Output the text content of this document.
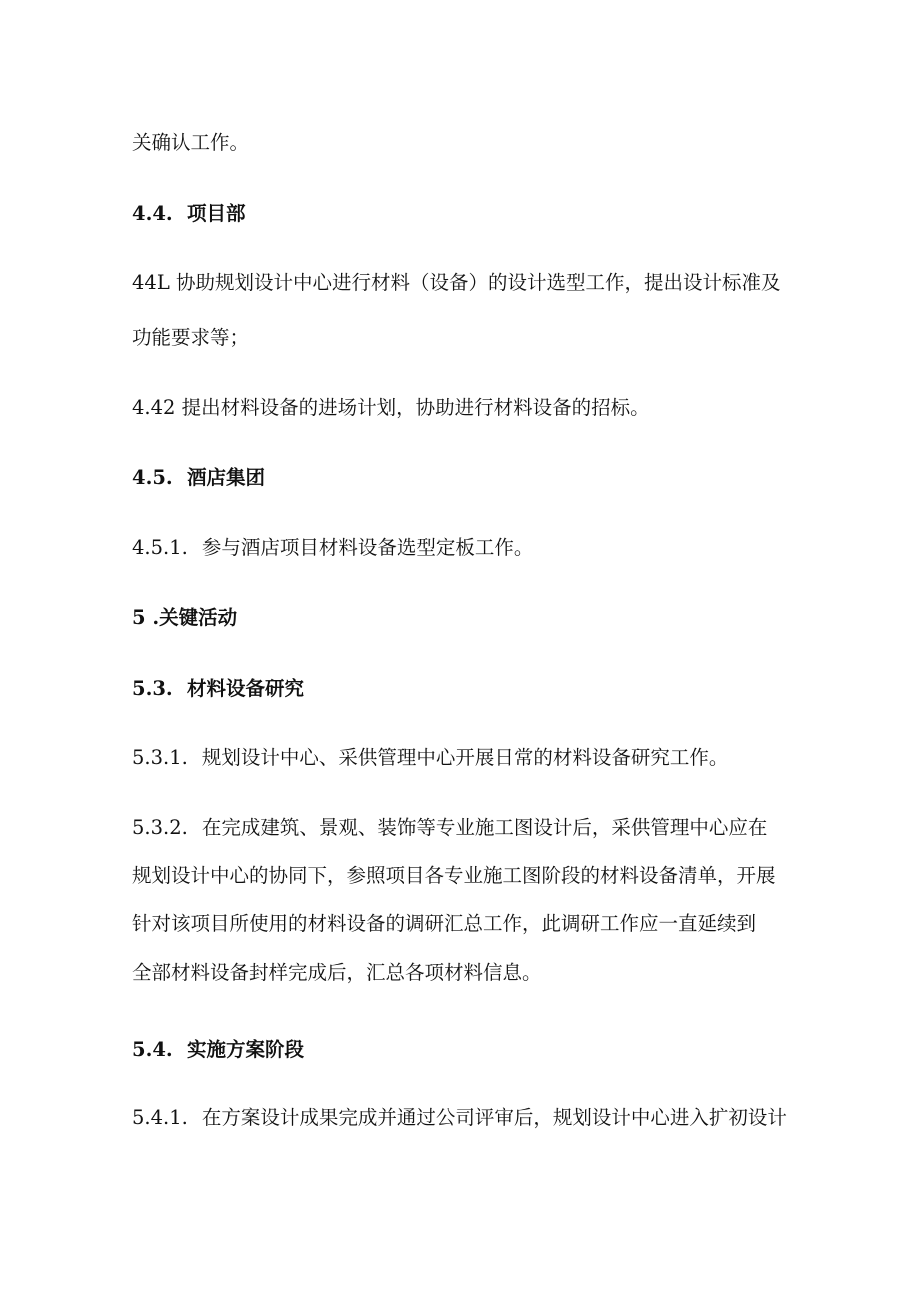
关确认工作。

4.4. 项目部

44L 协助规划设计中心进行材料（设备）的设计选型工作，提出设计标准及

功能要求等；

4.42 提出材料设备的进场计划，协助进行材料设备的招标。

4.5. 酒店集团

4.5.1. 参与酒店项目材料设备选型定板工作。

5 .关键活动

5.3. 材料设备研究

5.3.1. 规划设计中心、采供管理中心开展日常的材料设备研究工作。

5.3.2. 在完成建筑、景观、装饰等专业施工图设计后，采供管理中心应在

规划设计中心的协同下，参照项目各专业施工图阶段的材料设备清单，开展

针对该项目所使用的材料设备的调研汇总工作，此调研工作应一直延续到

全部材料设备封样完成后，汇总各项材料信息。

5.4. 实施方案阶段

5.4.1. 在方案设计成果完成并通过公司评审后，规划设计中心进入扩初设计
